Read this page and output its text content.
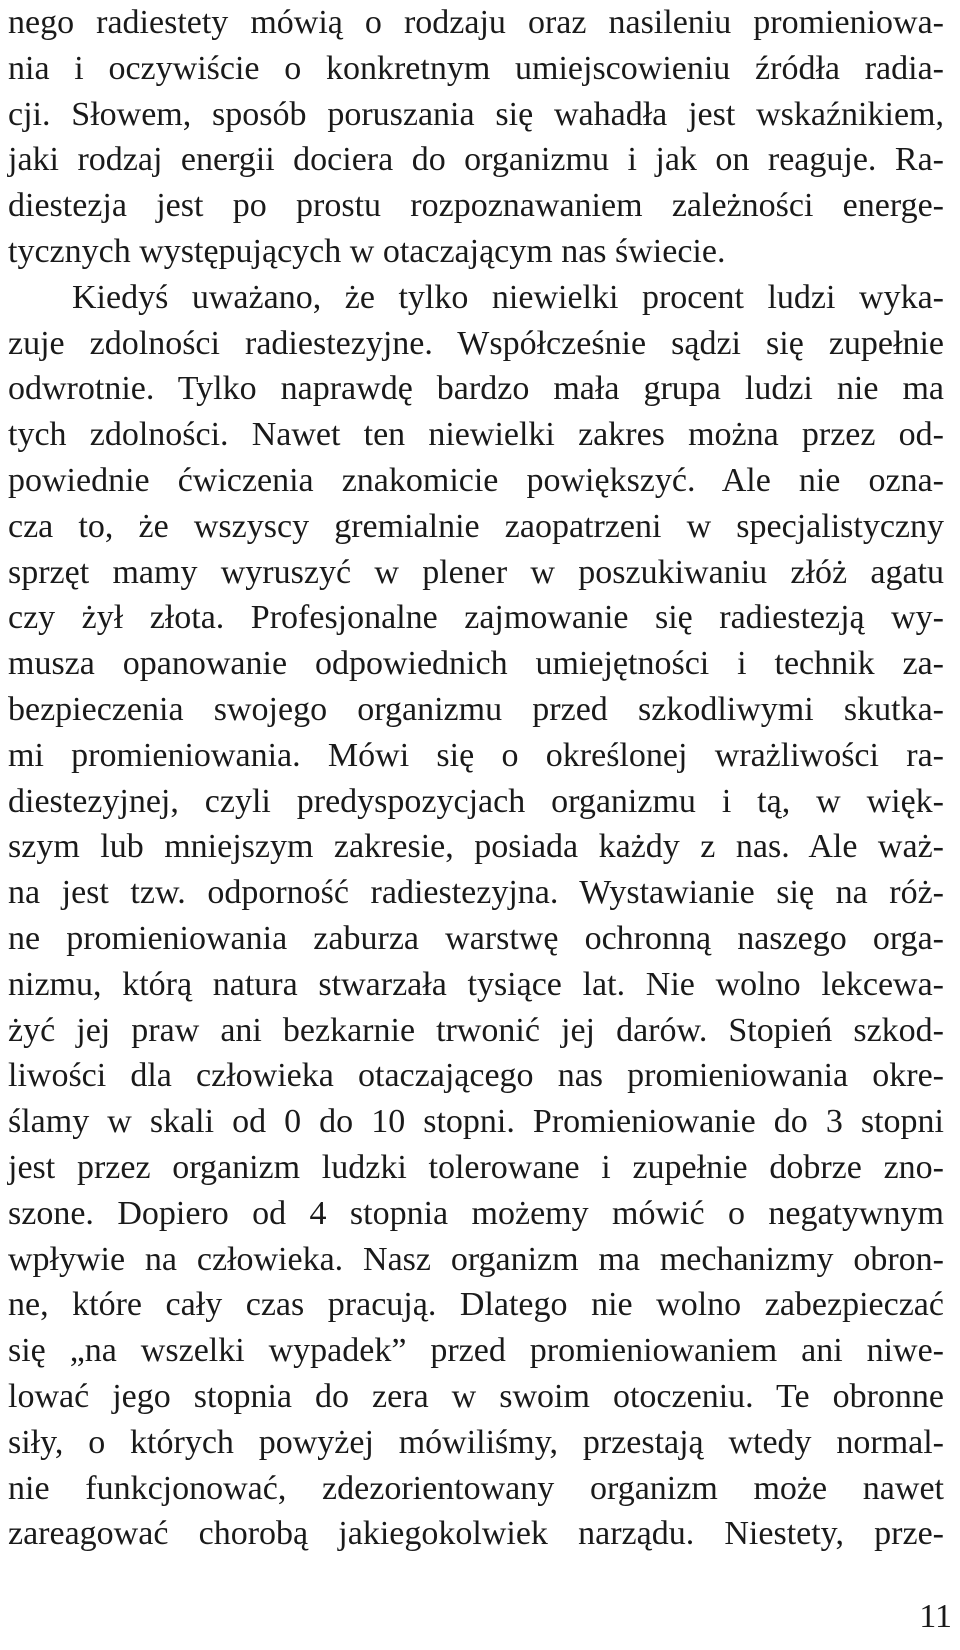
nego radiestety mówią o rodzaju oraz nasileniu promieniowa-
nia i oczywiście o konkretnym umiejscowieniu źródła radia-
cji. Słowem, sposób poruszania się wahadła jest wskaźnikiem,
jaki rodzaj energii dociera do organizmu i jak on reaguje. Ra-
diestezja jest po prostu rozpoznawaniem zależności energe-
tycznych występujących w otaczającym nas świecie.
Kiedyś uważano, że tylko niewielki procent ludzi wyka-
zuje zdolności radiestezyjne. Współcześnie sądzi się zupełnie
odwrotnie. Tylko naprawdę bardzo mała grupa ludzi nie ma
tych zdolności. Nawet ten niewielki zakres można przez od-
powiednie ćwiczenia znakomicie powiększyć. Ale nie ozna-
cza to, że wszyscy gremialnie zaopatrzeni w specjalistyczny
sprzęt mamy wyruszyć w plener w poszukiwaniu złóż agatu
czy żył złota. Profesjonalne zajmowanie się radiestezją wy-
musza opanowanie odpowiednich umiejętności i technik za-
bezpieczenia swojego organizmu przed szkodliwymi skutka-
mi promieniowania. Mówi się o określonej wrażliwości ra-
diestezyjnej, czyli predyspozycjach organizmu i tą, w więk-
szym lub mniejszym zakresie, posiada każdy z nas. Ale waż-
na jest tzw. odporność radiestezyjna. Wystawianie się na róż-
ne promieniowania zaburza warstwę ochronną naszego orga-
nizmu, którą natura stwarzała tysiące lat. Nie wolno lekcewa-
żyć jej praw ani bezkarnie trwonić jej darów. Stopień szkod-
liwości dla człowieka otaczającego nas promieniowania okre-
ślamy w skali od 0 do 10 stopni. Promieniowanie do 3 stopni
jest przez organizm ludzki tolerowane i zupełnie dobrze zno-
szone. Dopiero od 4 stopnia możemy mówić o negatywnym
wpływie na człowieka. Nasz organizm ma mechanizmy obron-
ne, które cały czas pracują. Dlatego nie wolno zabezpieczać
się „na wszelki wypadek” przed promieniowaniem ani niwe-
lować jego stopnia do zera w swoim otoczeniu. Te obronne
siły, o których powyżej mówiliśmy, przestają wtedy normal-
nie funkcjonować, zdezorientowany organizm może nawet
zareagować chorobą jakiegokolwiek narządu. Niestety, prze-
11
